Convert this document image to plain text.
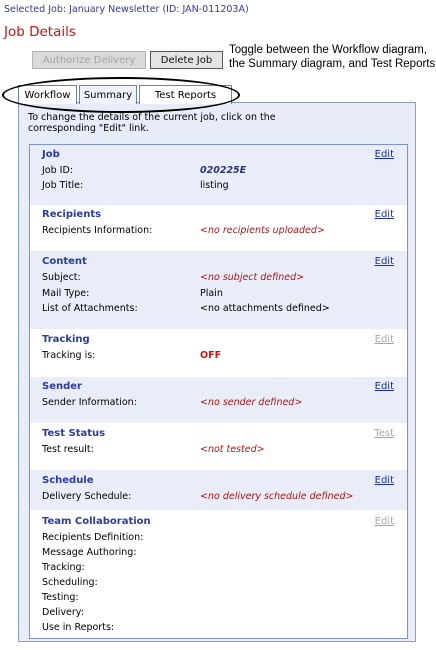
Selected Job: January Newsletter (ID: JAN-011203A)
Job Details
Authorize Delivery	Delete Job
Toggle between the Workflow diagram, the Summary diagram, and Test Reports
Workflow	Summary	Test Reports
To change the details of the current job, click on the corresponding "Edit" link.
Job	Edit
Job ID:	020225E
Job Title:	listing
Recipients	Edit
Recipients Information:	<no recipients uploaded>
Content	Edit
Subject:	<no subject defined>
Mail Type:	Plain
List of Attachments:	<no attachments defined>
Tracking	Edit
Tracking is:	OFF
Sender	Edit
Sender Information:	<no sender defined>
Test Status	Test
Test result:	<not tested>
Schedule	Edit
Delivery Schedule:	<no delivery schedule defined>
Team Collaboration	Edit
Recipients Definition:
Message Authoring:
Tracking:
Scheduling:
Testing:
Delivery:
Use in Reports:
